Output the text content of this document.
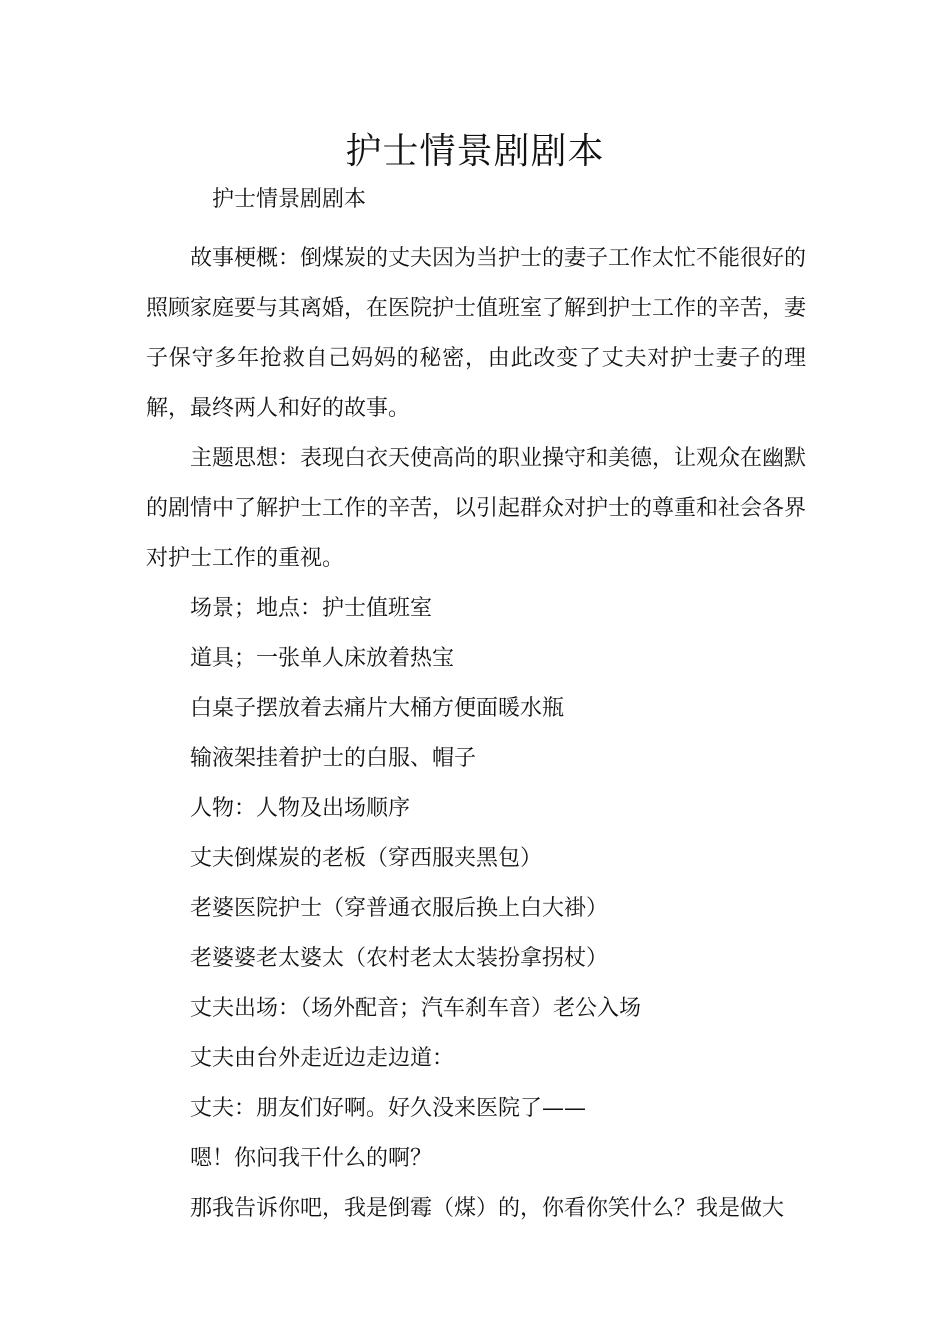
护士情景剧剧本
护士情景剧剧本

故事梗概：倒煤炭的丈夫因为当护士的妻子工作太忙不能很好的照顾家庭要与其离婚，在医院护士值班室了解到护士工作的辛苦，妻子保守多年抢救自己妈妈的秘密，由此改变了丈夫对护士妻子的理解，最终两人和好的故事。

主题思想：表现白衣天使高尚的职业操守和美德，让观众在幽默的剧情中了解护士工作的辛苦，以引起群众对护士的尊重和社会各界对护士工作的重视。

场景；地点：护士值班室

道具；一张单人床放着热宝

白桌子摆放着去痛片大桶方便面暖水瓶

输液架挂着护士的白服、帽子

人物：人物及出场顺序

丈夫倒煤炭的老板（穿西服夹黑包）

老婆医院护士（穿普通衣服后换上白大褂）

老婆婆老太婆太（农村老太太装扮拿拐杖）

丈夫出场：（场外配音；汽车刹车音）老公入场

丈夫由台外走近边走边道：

丈夫：朋友们好啊。好久没来医院了——

嗯！你问我干什么的啊？

那我告诉你吧，我是倒霉（煤）的，你看你笑什么？我是做大
